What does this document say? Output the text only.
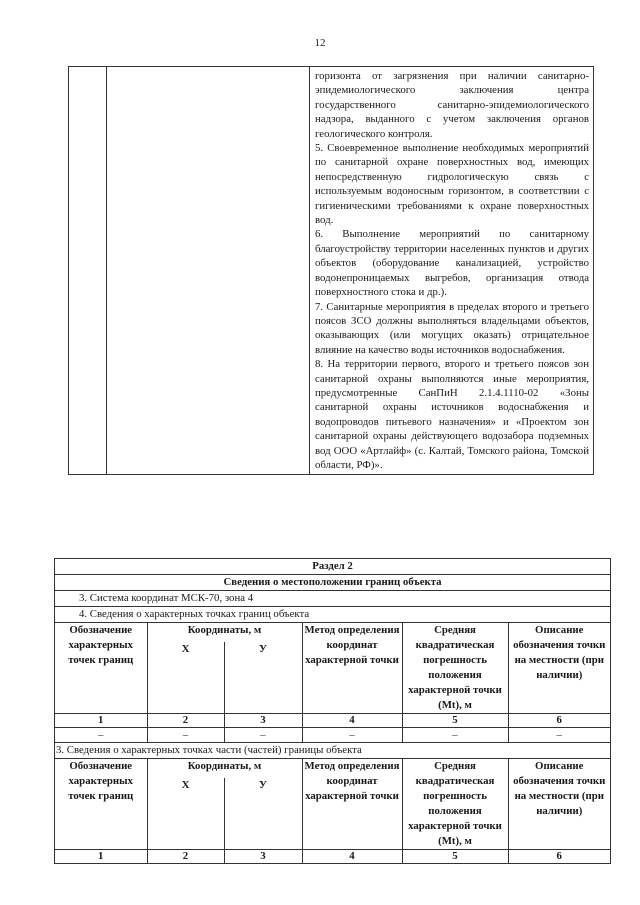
12

горизонта от загрязнения при наличии санитарно-эпидемиологического заключения центра государственного санитарно-эпидемиологического надзора, выданного с учетом заключения органов геологического контроля.
5. Своевременное выполнение необходимых мероприятий по санитарной охране поверхностных вод, имеющих непосредственную гидрологическую связь с используемым водоносным горизонтом, в соответствии с гигиеническими требованиями к охране поверхностных вод.
6. Выполнение мероприятий по санитарному благоустройству территории населенных пунктов и других объектов (оборудование канализацией, устройство водонепроницаемых выгребов, организация отвода поверхностного стока и др.).
7. Санитарные мероприятия в пределах второго и третьего поясов ЗСО должны выполняться владельцами объектов, оказывающих (или могущих оказать) отрицательное влияние на качество воды источников водоснабжения.
8. На территории первого, второго и третьего поясов зон санитарной охраны выполняются иные мероприятия, предусмотренные СанПиН 2.1.4.1110-02 «Зоны санитарной охраны источников водоснабжения и водопроводов питьевого назначения» и «Проектом зон санитарной охраны действующего водозабора подземных вод ООО «Артлайф» (с. Калтай, Томского района, Томской области, РФ)».

Раздел 2
Сведения о местоположении границ объекта
3. Система координат МСК-70, зона 4
4. Сведения о характерных точках границ объекта
Обозначение характерных точек границ	Координаты, м		Метод определения координат характерной точки	Средняя квадратическая погрешность положения характерной точки (Мt), м	Описание обозначения точки на местности (при наличии)
	Х	У			
1	2	3	4	5	6
–	–	–	–	–	–
3. Сведения о характерных точках части (частей) границы объекта
Обозначение характерных точек границ	Координаты, м		Метод определения координат характерной точки	Средняя квадратическая погрешность положения характерной точки (Мt), м	Описание обозначения точки на местности (при наличии)
	Х	У			
1	2	3	4	5	6
